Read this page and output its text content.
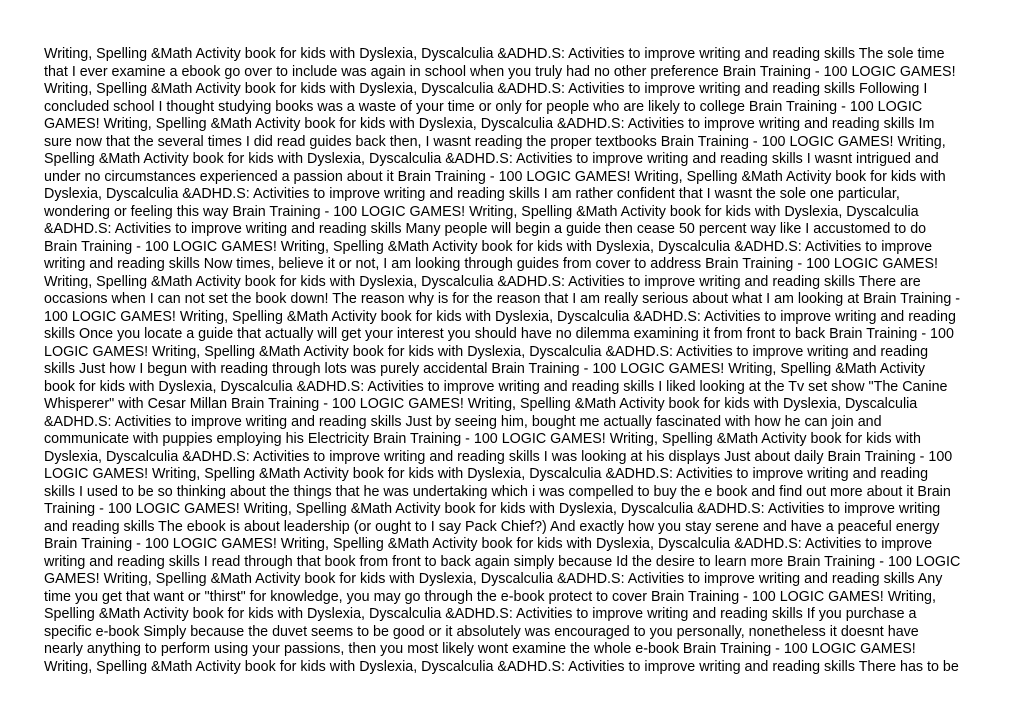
Writing, Spelling &Math Activity book for kids with Dyslexia, Dyscalculia &ADHD.S: Activities to improve writing and reading skills The sole time
that I ever examine a ebook go over to include was again in school when you truly had no other preference Brain Training - 100 LOGIC GAMES!
Writing, Spelling &Math Activity book for kids with Dyslexia, Dyscalculia &ADHD.S: Activities to improve writing and reading skills Following I
concluded school I thought studying books was a waste of your time or only for people who are likely to college Brain Training - 100 LOGIC
GAMES! Writing, Spelling &Math Activity book for kids with Dyslexia, Dyscalculia &ADHD.S: Activities to improve writing and reading skills Im
sure now that the several times I did read guides back then, I wasnt reading the proper textbooks Brain Training - 100 LOGIC GAMES! Writing,
Spelling &Math Activity book for kids with Dyslexia, Dyscalculia &ADHD.S: Activities to improve writing and reading skills I wasnt intrigued and
under no circumstances experienced a passion about it Brain Training - 100 LOGIC GAMES! Writing, Spelling &Math Activity book for kids with
Dyslexia, Dyscalculia &ADHD.S: Activities to improve writing and reading skills I am rather confident that I wasnt the sole one particular,
wondering or feeling this way Brain Training - 100 LOGIC GAMES! Writing, Spelling &Math Activity book for kids with Dyslexia, Dyscalculia
&ADHD.S: Activities to improve writing and reading skills Many people will begin a guide then cease 50 percent way like I accustomed to do
Brain Training - 100 LOGIC GAMES! Writing, Spelling &Math Activity book for kids with Dyslexia, Dyscalculia &ADHD.S: Activities to improve
writing and reading skills Now times, believe it or not, I am looking through guides from cover to address Brain Training - 100 LOGIC GAMES!
Writing, Spelling &Math Activity book for kids with Dyslexia, Dyscalculia &ADHD.S: Activities to improve writing and reading skills There are
occasions when I can not set the book down! The reason why is for the reason that I am really serious about what I am looking at Brain Training -
100 LOGIC GAMES! Writing, Spelling &Math Activity book for kids with Dyslexia, Dyscalculia &ADHD.S: Activities to improve writing and reading
skills Once you locate a guide that actually will get your interest you should have no dilemma examining it from front to back Brain Training - 100
LOGIC GAMES! Writing, Spelling &Math Activity book for kids with Dyslexia, Dyscalculia &ADHD.S: Activities to improve writing and reading
skills Just how I begun with reading through lots was purely accidental Brain Training - 100 LOGIC GAMES! Writing, Spelling &Math Activity
book for kids with Dyslexia, Dyscalculia &ADHD.S: Activities to improve writing and reading skills I liked looking at the Tv set show "The Canine
Whisperer" with Cesar Millan Brain Training - 100 LOGIC GAMES! Writing, Spelling &Math Activity book for kids with Dyslexia, Dyscalculia
&ADHD.S: Activities to improve writing and reading skills Just by seeing him, bought me actually fascinated with how he can join and
communicate with puppies employing his Electricity Brain Training - 100 LOGIC GAMES! Writing, Spelling &Math Activity book for kids with
Dyslexia, Dyscalculia &ADHD.S: Activities to improve writing and reading skills I was looking at his displays Just about daily Brain Training - 100
LOGIC GAMES! Writing, Spelling &Math Activity book for kids with Dyslexia, Dyscalculia &ADHD.S: Activities to improve writing and reading
skills I used to be so thinking about the things that he was undertaking which i was compelled to buy the e book and find out more about it Brain
Training - 100 LOGIC GAMES! Writing, Spelling &Math Activity book for kids with Dyslexia, Dyscalculia &ADHD.S: Activities to improve writing
and reading skills The ebook is about leadership (or ought to I say Pack Chief?) And exactly how you stay serene and have a peaceful energy
Brain Training - 100 LOGIC GAMES! Writing, Spelling &Math Activity book for kids with Dyslexia, Dyscalculia &ADHD.S: Activities to improve
writing and reading skills I read through that book from front to back again simply because Id the desire to learn more Brain Training - 100 LOGIC
GAMES! Writing, Spelling &Math Activity book for kids with Dyslexia, Dyscalculia &ADHD.S: Activities to improve writing and reading skills Any
time you get that want or "thirst" for knowledge, you may go through the e-book protect to cover Brain Training - 100 LOGIC GAMES! Writing,
Spelling &Math Activity book for kids with Dyslexia, Dyscalculia &ADHD.S: Activities to improve writing and reading skills If you purchase a
specific e-book Simply because the duvet seems to be good or it absolutely was encouraged to you personally, nonetheless it doesnt have
nearly anything to perform using your passions, then you most likely wont examine the whole e-book Brain Training - 100 LOGIC GAMES!
Writing, Spelling &Math Activity book for kids with Dyslexia, Dyscalculia &ADHD.S: Activities to improve writing and reading skills There has to be
